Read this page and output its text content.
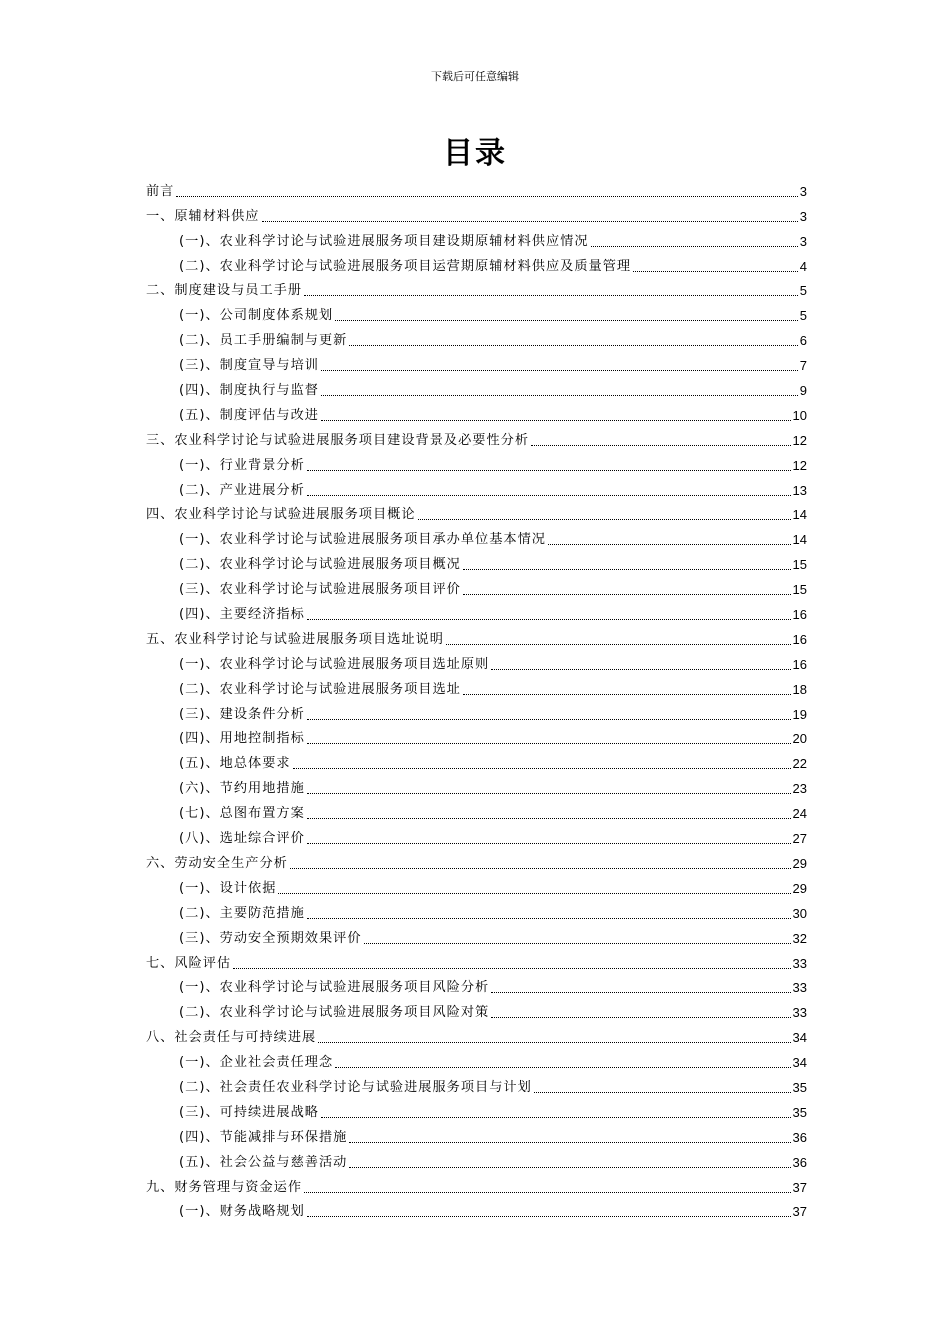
下载后可任意编辑
目录
前言	3
一、原辅材料供应	3
(一)、农业科学讨论与试验进展服务项目建设期原辅材料供应情况	3
(二)、农业科学讨论与试验进展服务项目运营期原辅材料供应及质量管理	4
二、制度建设与员工手册	5
(一)、公司制度体系规划	5
(二)、员工手册编制与更新	6
(三)、制度宣导与培训	7
(四)、制度执行与监督	9
(五)、制度评估与改进	10
三、农业科学讨论与试验进展服务项目建设背景及必要性分析	12
(一)、行业背景分析	12
(二)、产业进展分析	13
四、农业科学讨论与试验进展服务项目概论	14
(一)、农业科学讨论与试验进展服务项目承办单位基本情况	14
(二)、农业科学讨论与试验进展服务项目概况	15
(三)、农业科学讨论与试验进展服务项目评价	15
(四)、主要经济指标	16
五、农业科学讨论与试验进展服务项目选址说明	16
(一)、农业科学讨论与试验进展服务项目选址原则	16
(二)、农业科学讨论与试验进展服务项目选址	18
(三)、建设条件分析	19
(四)、用地控制指标	20
(五)、地总体要求	22
(六)、节约用地措施	23
(七)、总图布置方案	24
(八)、选址综合评价	27
六、劳动安全生产分析	29
(一)、设计依据	29
(二)、主要防范措施	30
(三)、劳动安全预期效果评价	32
七、风险评估	33
(一)、农业科学讨论与试验进展服务项目风险分析	33
(二)、农业科学讨论与试验进展服务项目风险对策	33
八、社会责任与可持续进展	34
(一)、企业社会责任理念	34
(二)、社会责任农业科学讨论与试验进展服务项目与计划	35
(三)、可持续进展战略	35
(四)、节能减排与环保措施	36
(五)、社会公益与慈善活动	36
九、财务管理与资金运作	37
(一)、财务战略规划	37
